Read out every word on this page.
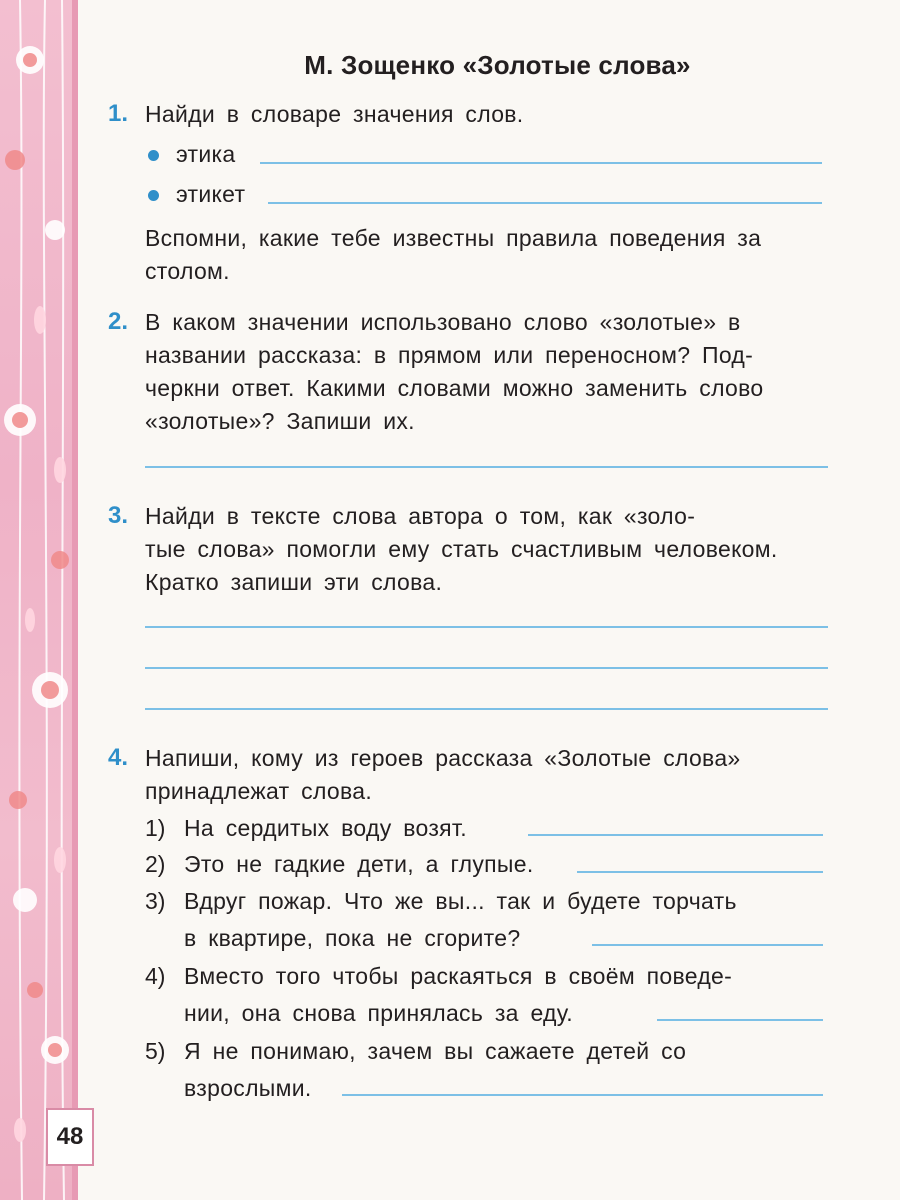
48
М. Зощенко «Золотые слова»
1. Найди в словаре значения слов.
этика
этикет
Вспомни, какие тебе известны правила поведения за
столом.
2. В каком значении использовано слово «золотые» в
названии рассказа: в прямом или переносном? Под-
черкни ответ. Какими словами можно заменить слово
«золотые»? Запиши их.
3. Найди в тексте слова автора о том, как «золо-
тые слова» помогли ему стать счастливым человеком.
Кратко запиши эти слова.
4. Напиши, кому из героев рассказа «Золотые слова»
принадлежат слова.
1) На сердитых воду возят.
2) Это не гадкие дети, а глупые.
3) Вдруг пожар. Что же вы... так и будете торчать
в квартире, пока не сгорите?
4) Вместо того чтобы раскаяться в своём поведе-
нии, она снова принялась за еду.
5) Я не понимаю, зачем вы сажаете детей со
взрослыми.
